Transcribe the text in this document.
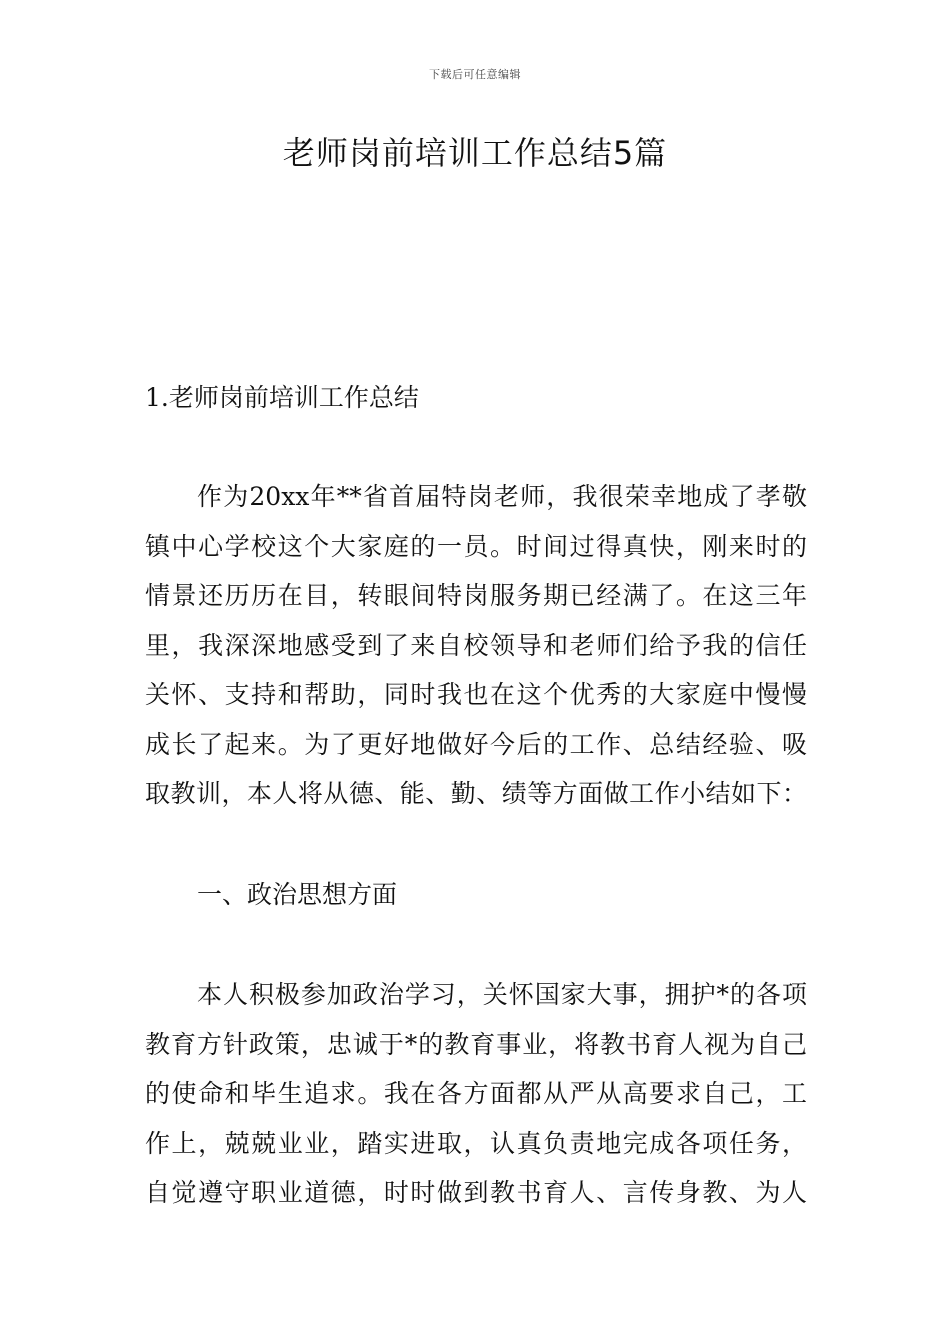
下载后可任意编辑
老师岗前培训工作总结5篇
1.老师岗前培训工作总结
作为20xx年**省首届特岗老师，我很荣幸地成了孝敬
镇中心学校这个大家庭的一员。时间过得真快，刚来时的
情景还历历在目，转眼间特岗服务期已经满了。在这三年
里，我深深地感受到了来自校领导和老师们给予我的信任
关怀、支持和帮助，同时我也在这个优秀的大家庭中慢慢
成长了起来。为了更好地做好今后的工作、总结经验、吸
取教训，本人将从德、能、勤、绩等方面做工作小结如下：
一、政治思想方面
本人积极参加政治学习，关怀国家大事，拥护*的各项
教育方针政策，忠诚于*的教育事业，将教书育人视为自己
的使命和毕生追求。我在各方面都从严从高要求自己，工
作上，兢兢业业，踏实进取，认真负责地完成各项任务，
自觉遵守职业道德，时时做到教书育人、言传身教、为人
